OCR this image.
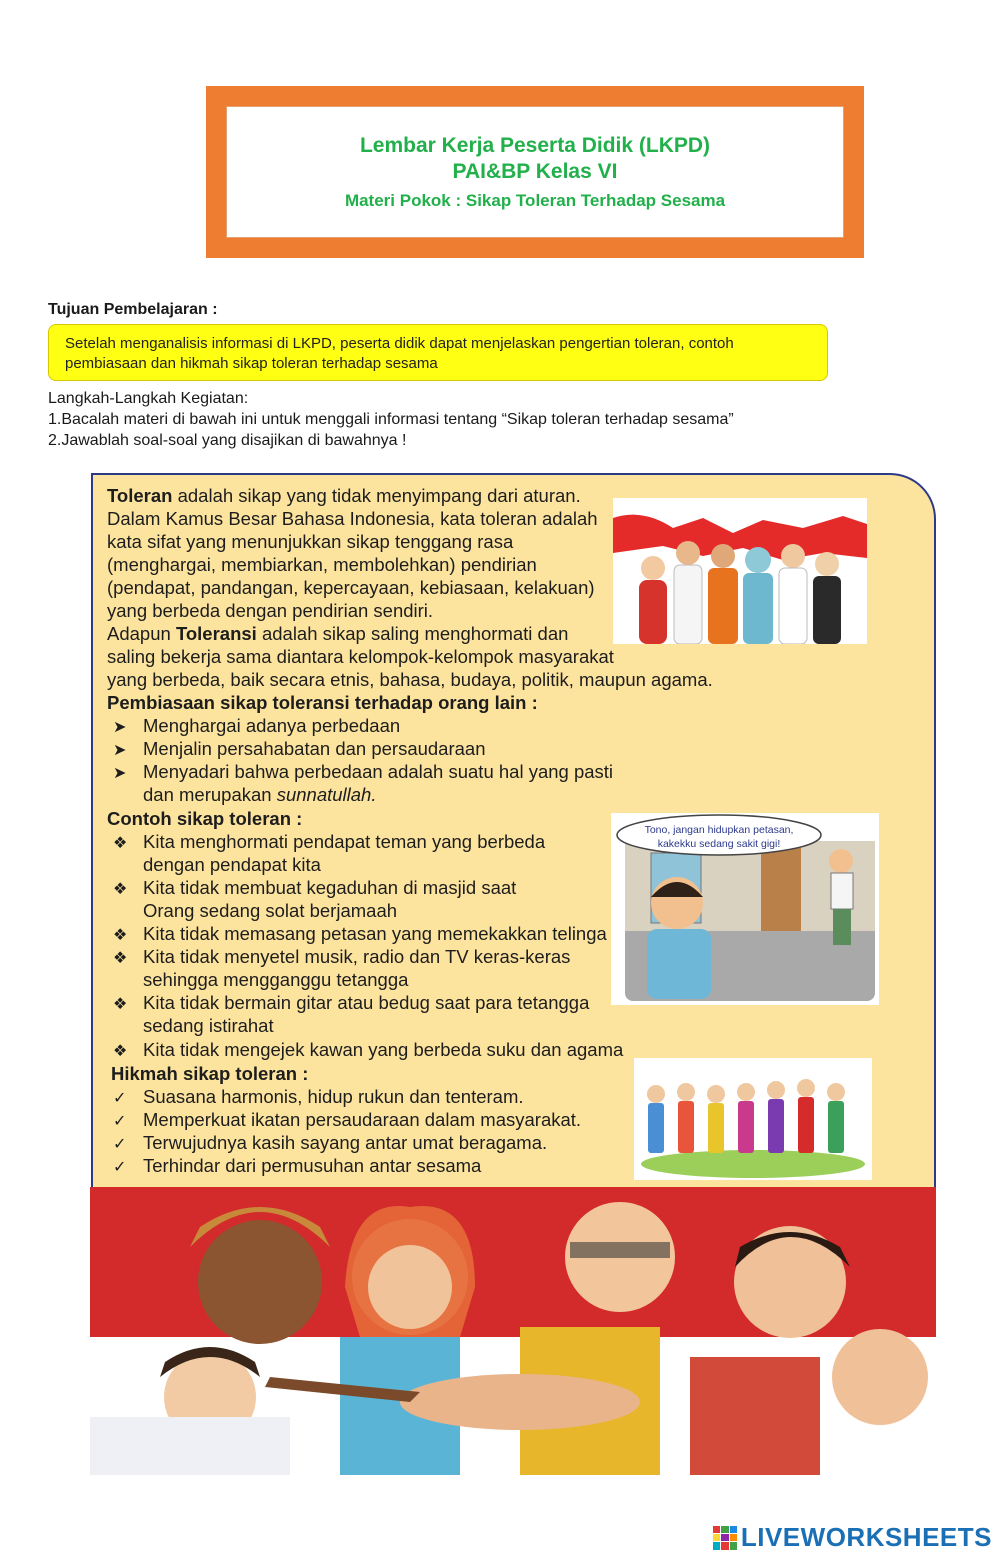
Lembar Kerja Peserta Didik (LKPD)
PAI&BP Kelas VI
Materi Pokok : Sikap Toleran Terhadap Sesama
Tujuan Pembelajaran :
Setelah menganalisis informasi di LKPD, peserta didik dapat menjelaskan pengertian toleran, contoh
pembiasaan dan hikmah sikap toleran terhadap sesama
Langkah-Langkah Kegiatan:
1.Bacalah materi di bawah ini untuk menggali informasi tentang “Sikap toleran terhadap sesama”
2.Jawablah soal-soal yang disajikan di bawahnya !
Toleran adalah sikap yang tidak menyimpang dari aturan.
Dalam Kamus Besar Bahasa Indonesia, kata toleran adalah
kata sifat yang menunjukkan sikap tenggang rasa
(menghargai, membiarkan, membolehkan) pendirian
(pendapat, pandangan, kepercayaan, kebiasaan, kelakuan)
yang berbeda dengan pendirian sendiri.
Adapun Toleransi adalah sikap saling menghormati dan
saling bekerja sama diantara kelompok-kelompok masyarakat
yang berbeda, baik secara etnis, bahasa, budaya, politik, maupun agama.
Pembiasaan sikap toleransi terhadap orang lain :
➤ Menghargai adanya perbedaan
➤ Menjalin persahabatan dan persaudaraan
➤ Menyadari bahwa perbedaan adalah suatu hal yang pasti
dan merupakan sunnatullah.
Contoh sikap toleran :
❖ Kita menghormati pendapat teman yang berbeda
dengan pendapat kita
❖ Kita tidak membuat kegaduhan di masjid saat
Orang sedang solat berjamaah
❖ Kita tidak memasang petasan yang memekakkan telinga
❖ Kita tidak menyetel musik, radio dan TV keras-keras
sehingga mengganggu tetangga
❖ Kita tidak bermain gitar atau bedug saat para tetangga
sedang istirahat
❖ Kita tidak mengejek kawan yang berbeda suku dan agama
Hikmah sikap toleran :
✓ Suasana harmonis, hidup rukun dan tenteram.
✓ Memperkuat ikatan persaudaraan dalam masyarakat.
✓ Terwujudnya kasih sayang antar umat beragama.
✓ Terhindar dari permusuhan antar sesama
Tono, jangan hidupkan petasan,
kakekku sedang sakit gigi!
LIVEWORKSHEETS
